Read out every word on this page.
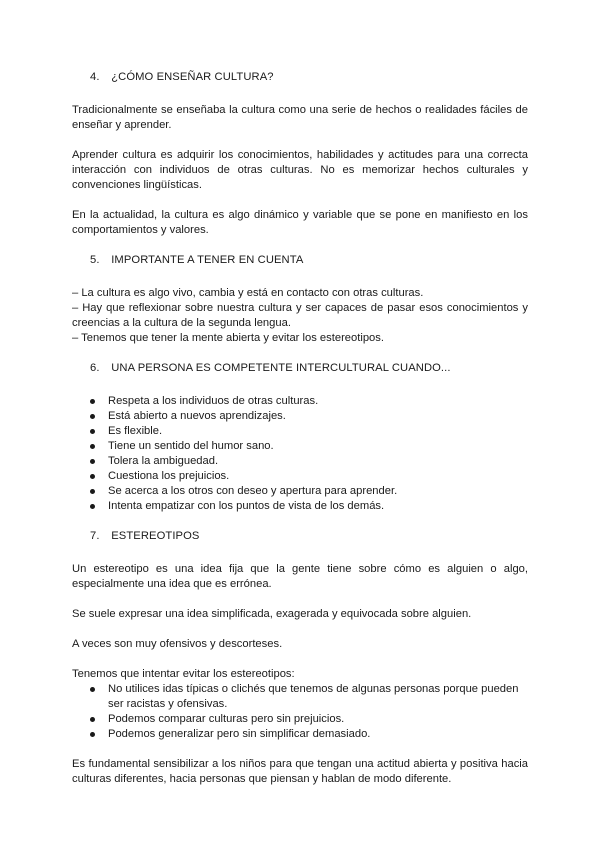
4. ¿CÓMO ENSEÑAR CULTURA?

Tradicionalmente se enseñaba la cultura como una serie de hechos o realidades fáciles de enseñar y aprender.

Aprender cultura es adquirir los conocimientos, habilidades y actitudes para una correcta interacción con individuos de otras culturas. No es memorizar hechos culturales y convenciones lingüísticas.

En la actualidad, la cultura es algo dinámico y variable que se pone en manifiesto en los comportamientos y valores.

5. IMPORTANTE A TENER EN CUENTA
– La cultura es algo vivo, cambia y está en contacto con otras culturas.
– Hay que reflexionar sobre nuestra cultura y ser capaces de pasar esos conocimientos y creencias a la cultura de la segunda lengua.
– Tenemos que tener la mente abierta y evitar los estereotipos.
6. UNA PERSONA ES COMPETENTE INTERCULTURAL CUANDO...
Respeta a los individuos de otras culturas.
Está abierto a nuevos aprendizajes.
Es flexible.
Tiene un sentido del humor sano.
Tolera la ambiguedad.
Cuestiona los prejuicios.
Se acerca a los otros con deseo y apertura para aprender.
Intenta empatizar con los puntos de vista de los demás.
7. ESTEREOTIPOS

Un estereotipo es una idea fija que la gente tiene sobre cómo es alguien o algo, especialmente una idea que es errónea.

Se suele expresar una idea simplificada, exagerada y equivocada sobre alguien.

A veces son muy ofensivos y descorteses.

Tenemos que intentar evitar los estereotipos:

No utilices idas típicas o clichés que tenemos de algunas personas porque pueden ser racistas y ofensivas.
Podemos comparar culturas pero sin prejuicios.
Podemos generalizar pero sin simplificar demasiado.

Es fundamental sensibilizar a los niños para que tengan una actitud abierta y positiva hacia culturas diferentes, hacia personas que piensan y hablan de modo diferente.
